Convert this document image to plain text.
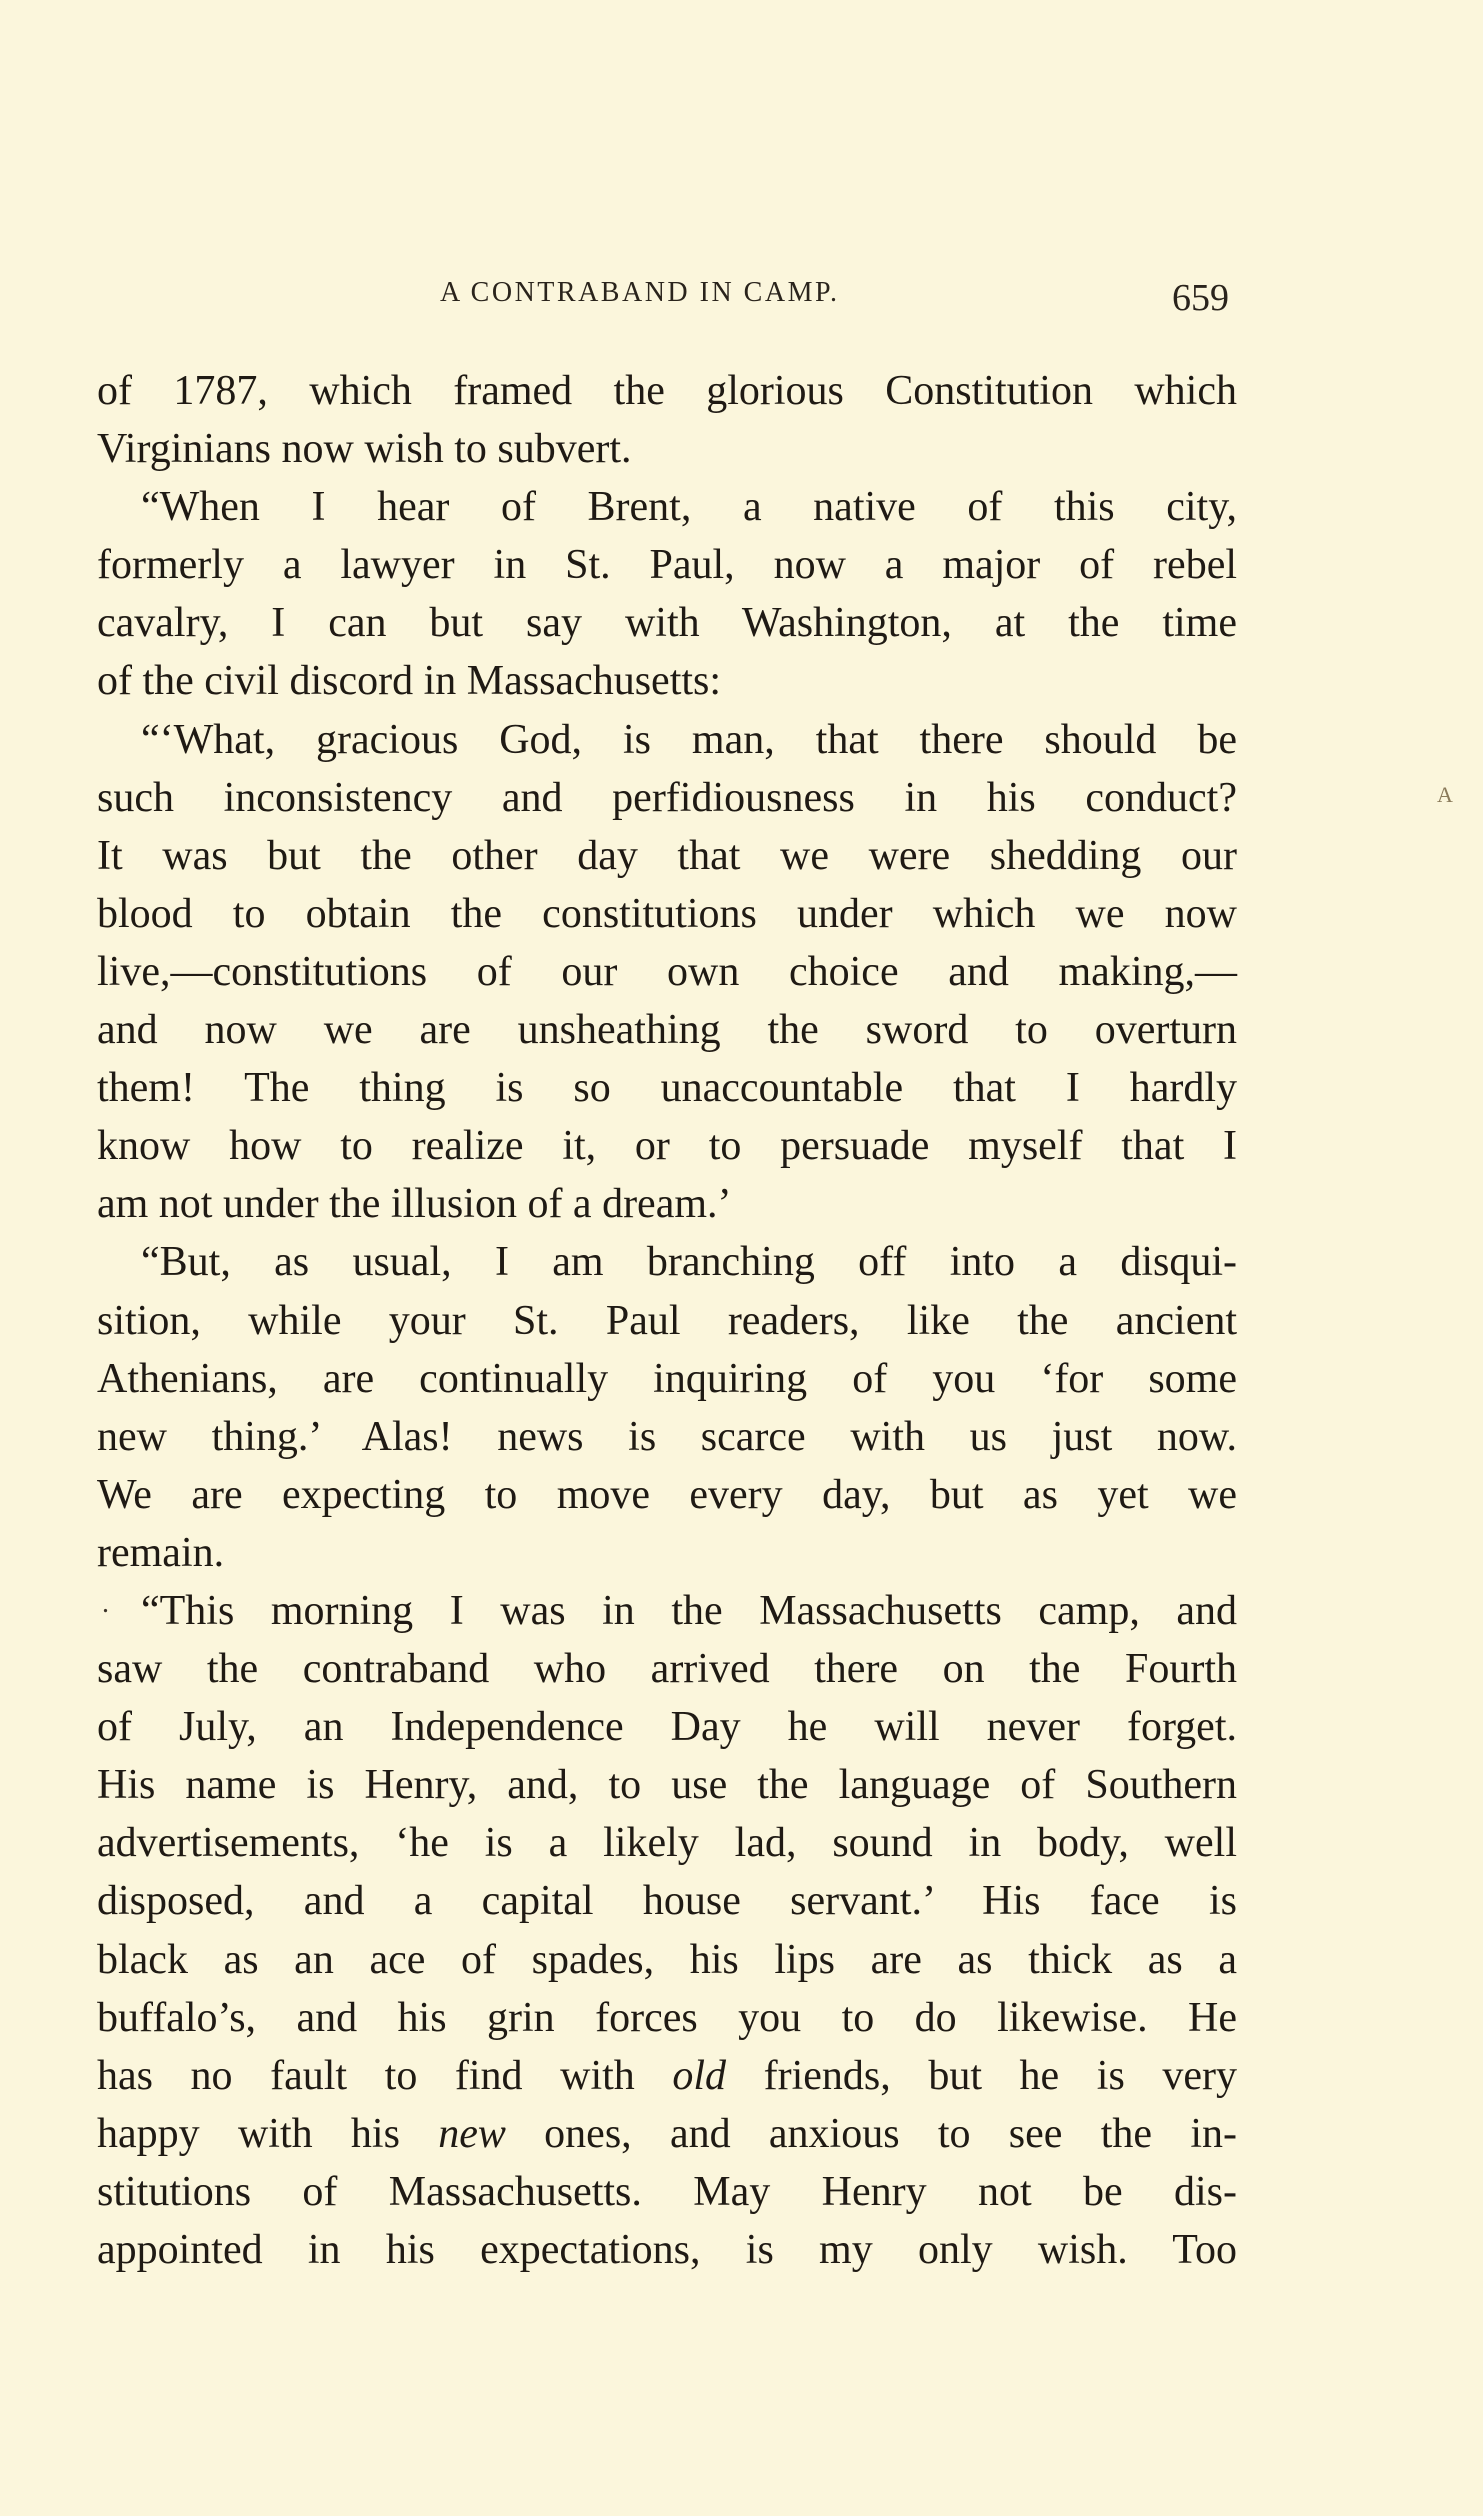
A CONTRABAND IN CAMP.	659
A
.
of 1787, which framed the glorious Constitution which
Virginians now wish to subvert.
“When I hear of Brent, a native of this city,
formerly a lawyer in St. Paul, now a major of rebel
cavalry, I can but say with Washington, at the time
of the civil discord in Massachusetts:
“‘What, gracious God, is man, that there should be
such inconsistency and perfidiousness in his conduct?
It was but the other day that we were shedding our
blood to obtain the constitutions under which we now
live,—constitutions of our own choice and making,—
and now we are unsheathing the sword to overturn
them! The thing is so unaccountable that I hardly
know how to realize it, or to persuade myself that I
am not under the illusion of a dream.’
“But, as usual, I am branching off into a disqui-
sition, while your St. Paul readers, like the ancient
Athenians, are continually inquiring of you ‘for some
new thing.’ Alas! news is scarce with us just now.
We are expecting to move every day, but as yet we
remain.
“This morning I was in the Massachusetts camp, and
saw the contraband who arrived there on the Fourth
of July, an Independence Day he will never forget.
His name is Henry, and, to use the language of Southern
advertisements, ‘he is a likely lad, sound in body, well
disposed, and a capital house servant.’ His face is
black as an ace of spades, his lips are as thick as a
buffalo’s, and his grin forces you to do likewise. He
has no fault to find with old friends, but he is very
happy with his new ones, and anxious to see the in-
stitutions of Massachusetts. May Henry not be dis-
appointed in his expectations, is my only wish. Too
